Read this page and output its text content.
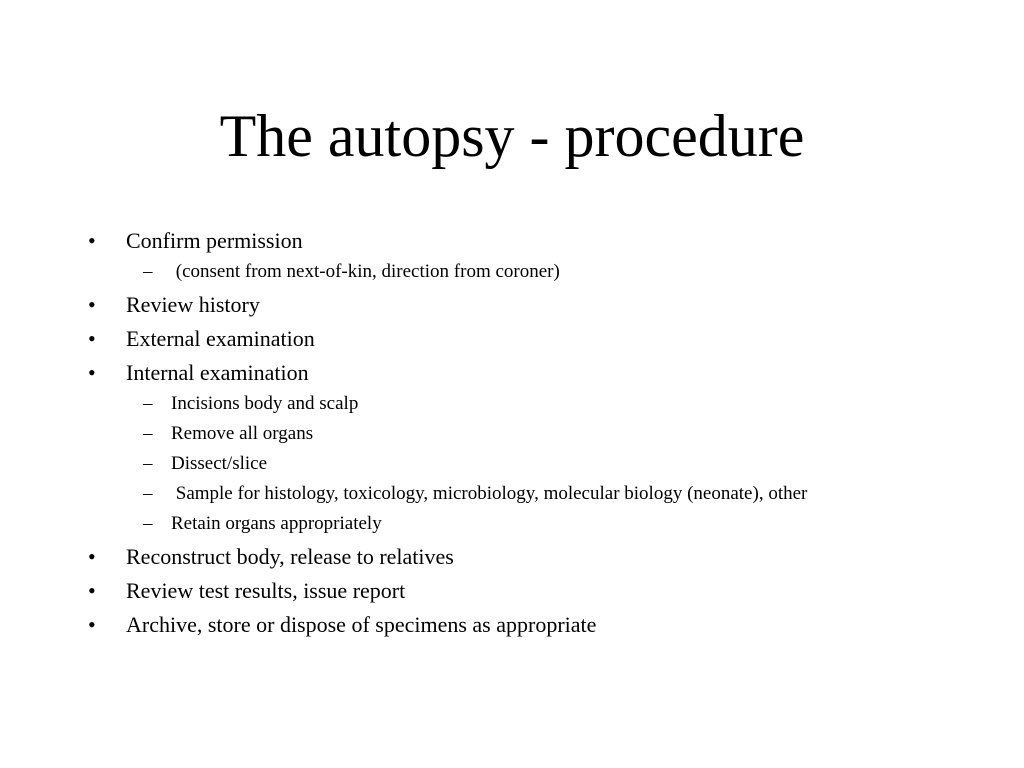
The autopsy - procedure
• Confirm permission
– (consent from next-of-kin, direction from coroner)
• Review history
• External examination
• Internal examination
– Incisions body and scalp
– Remove all organs
– Dissect/slice
– Sample for histology, toxicology, microbiology, molecular biology (neonate), other
– Retain organs appropriately
• Reconstruct body, release to relatives
• Review test results, issue report
• Archive, store or dispose of specimens as appropriate
